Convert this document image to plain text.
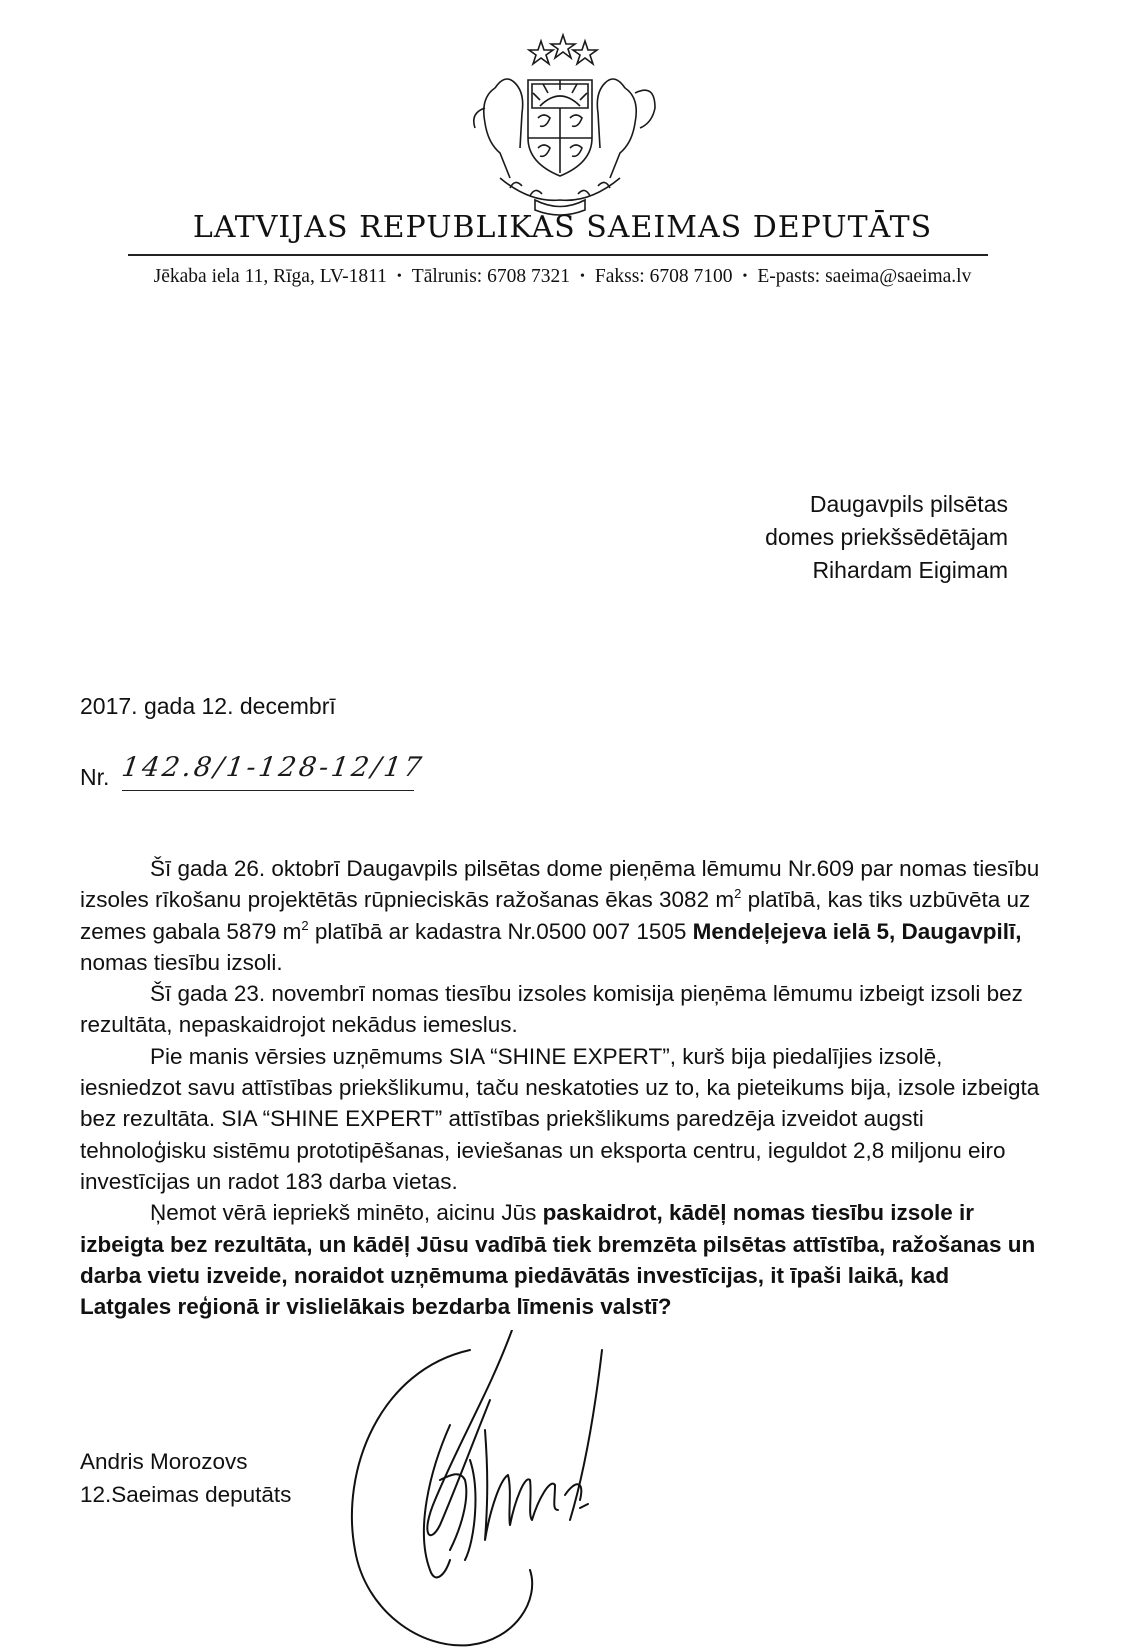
LATVIJAS REPUBLIKAS SAEIMAS DEPUTĀTS
Jēkaba iela 11, Rīga, LV-1811 • Tālrunis: 6708 7321 • Fakss: 6708 7100 • E-pasts: saeima@saeima.lv
Daugavpils pilsētas
domes priekšsēdētājam
Rihardam Eigimam
2017. gada 12. decembrī
Nr. 142.8/1-128-12/17

Šī gada 26. oktobrī Daugavpils pilsētas dome pieņēma lēmumu Nr.609 par nomas tiesību izsoles rīkošanu projektētās rūpnieciskās ražošanas ēkas 3082 $m^2$ platībā, kas tiks uzbūvēta uz zemes gabala 5879 $m^2$ platībā ar kadastra Nr.0500 007 1505 Mendeļejeva ielā 5, Daugavpilī, nomas tiesību izsoli.

Šī gada 23. novembrī nomas tiesību izsoles komisija pieņēma lēmumu izbeigt izsoli bez rezultāta, nepaskaidrojot nekādus iemeslus.

Pie manis vērsies uzņēmums SIA “SHINE EXPERT”, kurš bija piedalījies izsolē, iesniedzot savu attīstības priekšlikumu, taču neskatoties uz to, ka pieteikums bija, izsole izbeigta bez rezultāta. SIA “SHINE EXPERT” attīstības priekšlikums paredzēja izveidot augsti tehnoloģisku sistēmu prototipēšanas, ieviešanas un eksporta centru, ieguldot 2,8 miljonu eiro investīcijas un radot 183 darba vietas.

Ņemot vērā iepriekš minēto, aicinu Jūs paskaidrot, kādēļ nomas tiesību izsole ir izbeigta bez rezultāta, un kādēļ Jūsu vadībā tiek bremzēta pilsētas attīstība, ražošanas un darba vietu izveide, noraidot uzņēmuma piedāvātās investīcijas, it īpaši laikā, kad Latgales reģionā ir vislielākais bezdarba līmenis valstī?

Andris Morozovs
12.Saeimas deputāts
